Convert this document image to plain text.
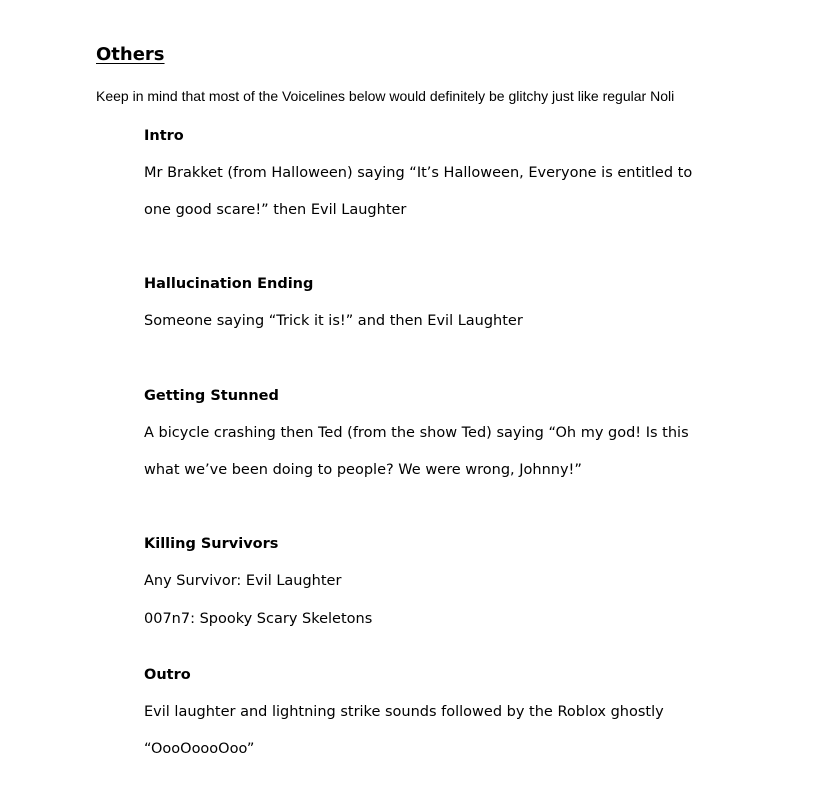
Others

Keep in mind that most of the Voicelines below would definitely be glitchy just like regular Noli

Intro

Mr Brakket (from Halloween) saying “It’s Halloween, Everyone is entitled to

one good scare!” then Evil Laughter

Hallucination Ending

Someone saying “Trick it is!” and then Evil Laughter

Getting Stunned

A bicycle crashing then Ted (from the show Ted) saying “Oh my god! Is this

what we’ve been doing to people? We were wrong, Johnny!”

Killing Survivors

Any Survivor: Evil Laughter

007n7: Spooky Scary Skeletons

Outro

Evil laughter and lightning strike sounds followed by the Roblox ghostly

“OooOoooOoo”
